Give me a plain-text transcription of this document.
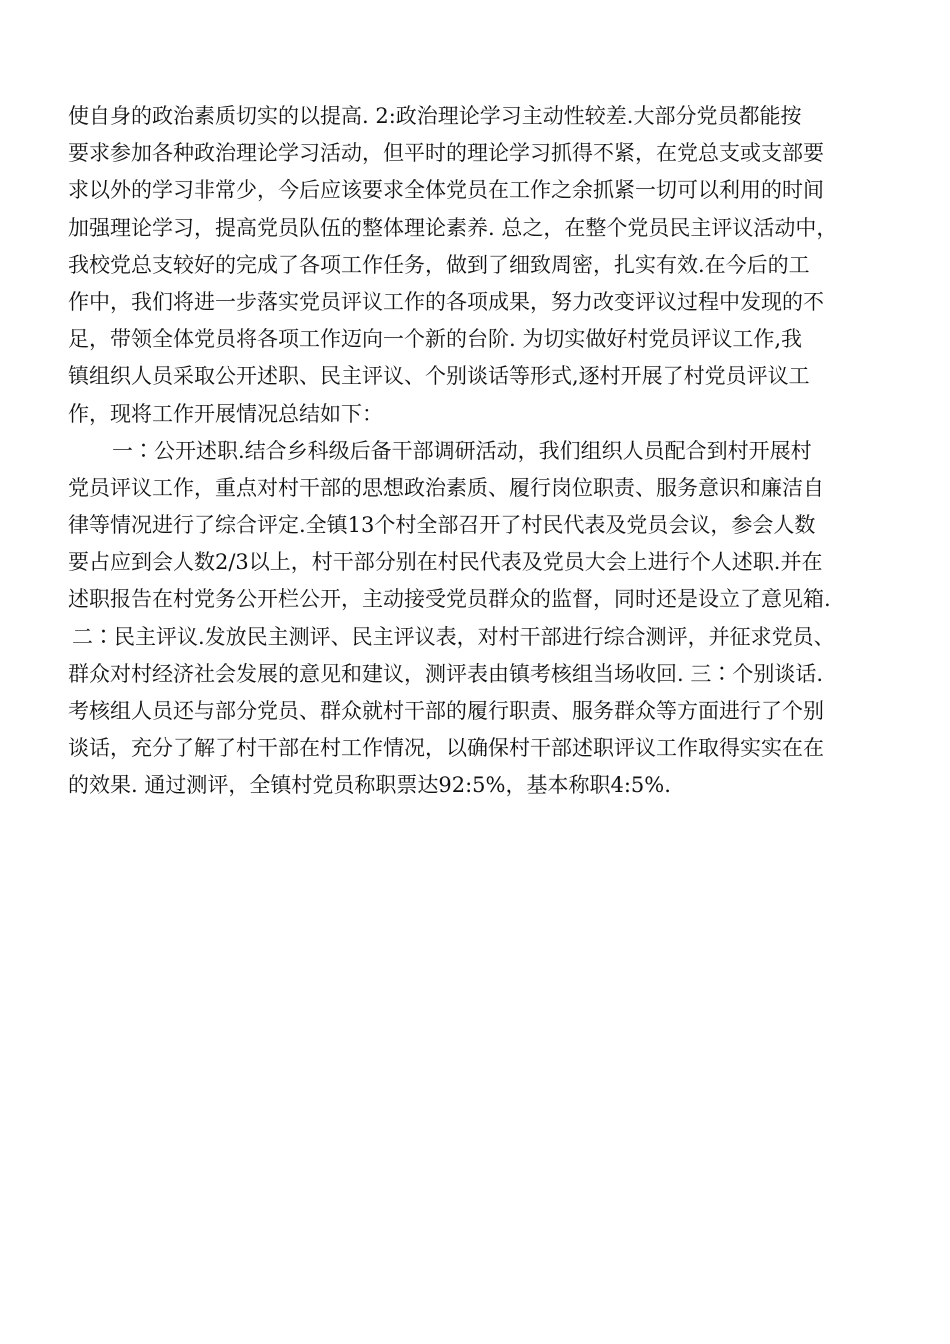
使自身的政治素质切实的以提高. 2:政治理论学习主动性较差.大部分党员都能按
要求参加各种政治理论学习活动，但平时的理论学习抓得不紧，在党总支或支部要
求以外的学习非常少，今后应该要求全体党员在工作之余抓紧一切可以利用的时间
加强理论学习，提高党员队伍的整体理论素养. 总之，在整个党员民主评议活动中，
我校党总支较好的完成了各项工作任务，做到了细致周密，扎实有效.在今后的工
作中，我们将进一步落实党员评议工作的各项成果，努力改变评议过程中发现的不
足，带领全体党员将各项工作迈向一个新的台阶. 为切实做好村党员评议工作,我
镇组织人员采取公开述职、民主评议、个别谈话等形式,逐村开展了村党员评议工
作，现将工作开展情况总结如下：
一∶公开述职.结合乡科级后备干部调研活动，我们组织人员配合到村开展村
党员评议工作，重点对村干部的思想政治素质、履行岗位职责、服务意识和廉洁自
律等情况进行了综合评定.全镇13个村全部召开了村民代表及党员会议，参会人数
要占应到会人数2/3以上，村干部分别在村民代表及党员大会上进行个人述职.并在
述职报告在村党务公开栏公开，主动接受党员群众的监督，同时还是设立了意见箱.
二∶民主评议.发放民主测评、民主评议表，对村干部进行综合测评，并征求党员、
群众对村经济社会发展的意见和建议，测评表由镇考核组当场收回. 三∶个别谈话.
考核组人员还与部分党员、群众就村干部的履行职责、服务群众等方面进行了个别
谈话，充分了解了村干部在村工作情况，以确保村干部述职评议工作取得实实在在
的效果. 通过测评，全镇村党员称职票达92:5%，基本称职4:5%.
